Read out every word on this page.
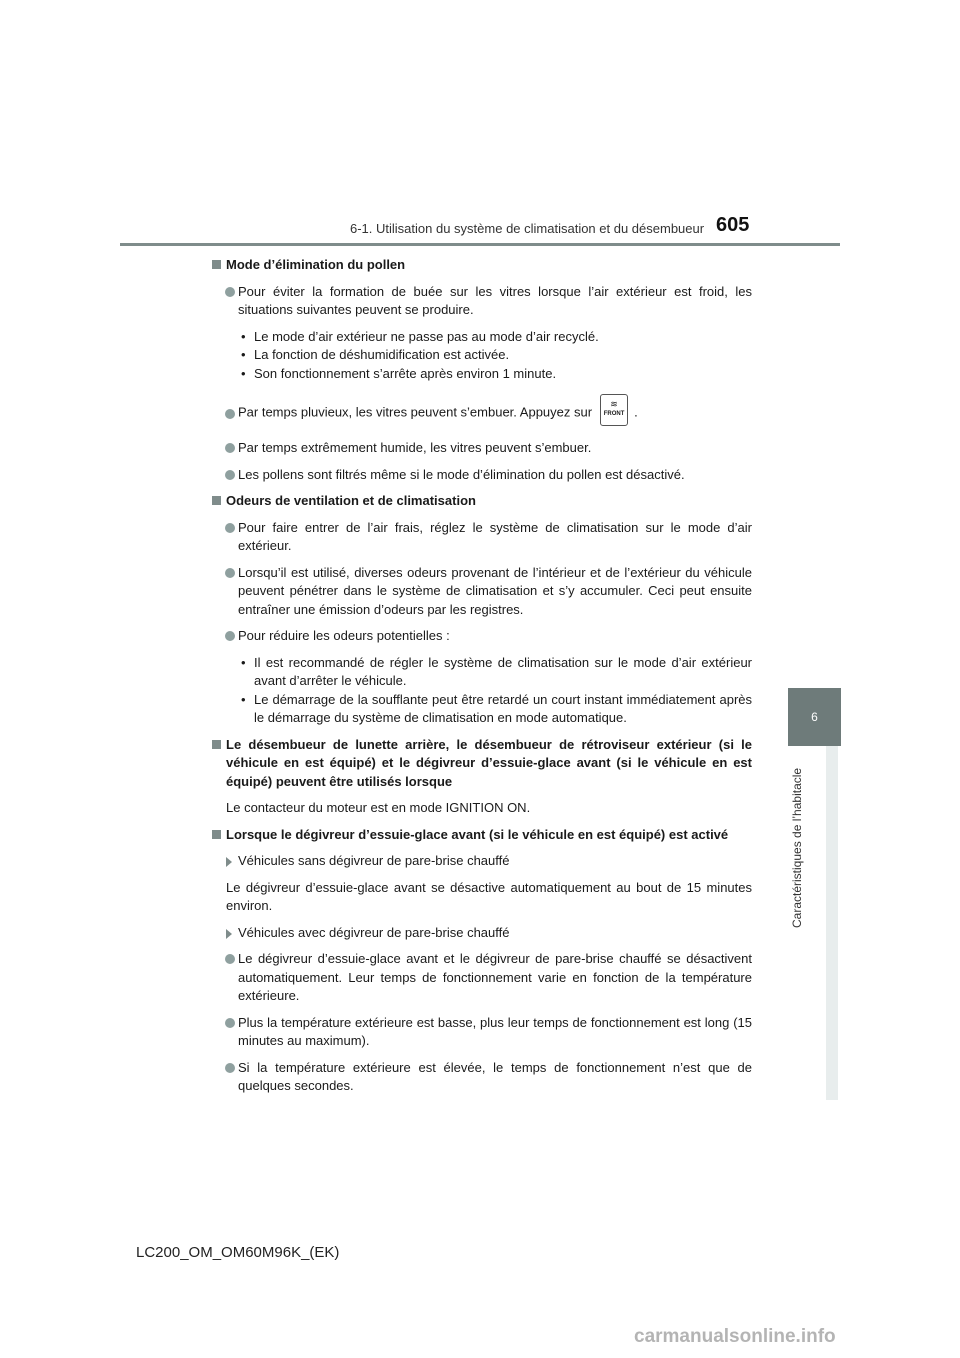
6-1. Utilisation du système de climatisation et du désembueur 605
6
Caractéristiques de l’habitacle
Mode d’élimination du pollen
Pour éviter la formation de buée sur les vitres lorsque l’air extérieur est froid, les situations suivantes peuvent se produire.
• Le mode d’air extérieur ne passe pas au mode d’air recyclé.
• La fonction de déshumidification est activée.
• Son fonctionnement s’arrête après environ 1 minute.
Par temps pluvieux, les vitres peuvent s’embuer. Appuyez sur
≋
FRONT .
Par temps extrêmement humide, les vitres peuvent s’embuer.
Les pollens sont filtrés même si le mode d’élimination du pollen est désactivé.
Odeurs de ventilation et de climatisation
Pour faire entrer de l’air frais, réglez le système de climatisation sur le mode d’air extérieur.
Lorsqu’il est utilisé, diverses odeurs provenant de l’intérieur et de l’extérieur du véhicule peuvent pénétrer dans le système de climatisation et s’y accumuler. Ceci peut ensuite entraîner une émission d’odeurs par les registres.
Pour réduire les odeurs potentielles :
• Il est recommandé de régler le système de climatisation sur le mode d’air extérieur avant d’arrêter le véhicule.
• Le démarrage de la soufflante peut être retardé un court instant immédiatement après le démarrage du système de climatisation en mode automatique.
Le désembueur de lunette arrière, le désembueur de rétroviseur extérieur (si le véhicule en est équipé) et le dégivreur d’essuie-glace avant (si le véhicule en est équipé) peuvent être utilisés lorsque
Le contacteur du moteur est en mode IGNITION ON.
Lorsque le dégivreur d’essuie-glace avant (si le véhicule en est équipé) est activé
Véhicules sans dégivreur de pare-brise chauffé
Le dégivreur d’essuie-glace avant se désactive automatiquement au bout de 15 minutes environ.
Véhicules avec dégivreur de pare-brise chauffé
Le dégivreur d’essuie-glace avant et le dégivreur de pare-brise chauffé se désactivent automatiquement. Leur temps de fonctionnement varie en fonction de la température extérieure.
Plus la température extérieure est basse, plus leur temps de fonctionnement est long (15 minutes au maximum).
Si la température extérieure est élevée, le temps de fonctionnement n’est que de quelques secondes.
LC200_OM_OM60M96K_(EK)
carmanualsonline.info
